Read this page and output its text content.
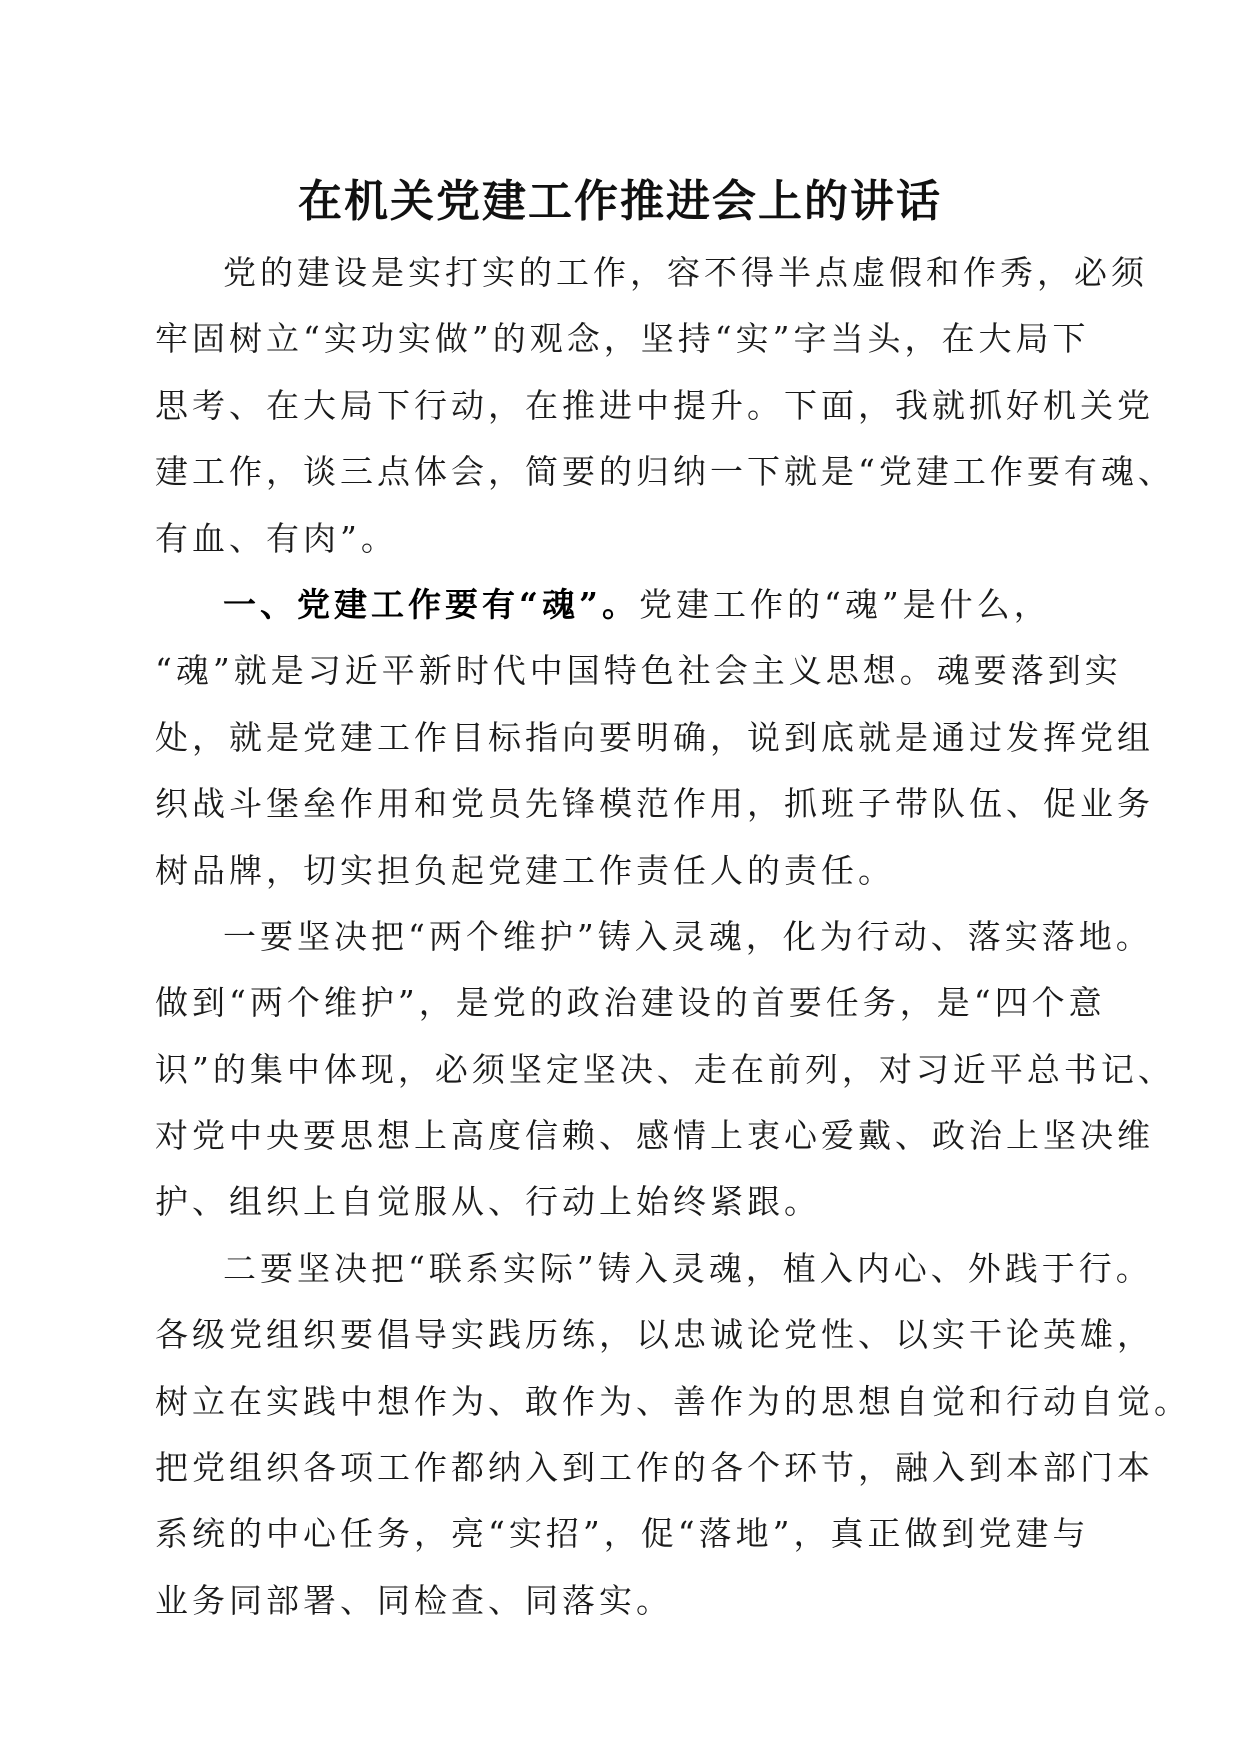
在机关党建工作推进会上的讲话
党的建设是实打实的工作，容不得半点虚假和作秀，必须
牢固树立“实功实做”的观念，坚持“实”字当头，在大局下
思考、在大局下行动，在推进中提升。下面，我就抓好机关党
建工作，谈三点体会，简要的归纳一下就是“党建工作要有魂、
有血、有肉”。
一、党建工作要有“魂”。党建工作的“魂”是什么，
“魂”就是习近平新时代中国特色社会主义思想。魂要落到实
处，就是党建工作目标指向要明确，说到底就是通过发挥党组
织战斗堡垒作用和党员先锋模范作用，抓班子带队伍、促业务
树品牌，切实担负起党建工作责任人的责任。
一要坚决把“两个维护”铸入灵魂，化为行动、落实落地。
做到“两个维护”，是党的政治建设的首要任务，是“四个意
识”的集中体现，必须坚定坚决、走在前列，对习近平总书记、
对党中央要思想上高度信赖、感情上衷心爱戴、政治上坚决维
护、组织上自觉服从、行动上始终紧跟。
二要坚决把“联系实际”铸入灵魂，植入内心、外践于行。
各级党组织要倡导实践历练，以忠诚论党性、以实干论英雄，
树立在实践中想作为、敢作为、善作为的思想自觉和行动自觉。
把党组织各项工作都纳入到工作的各个环节，融入到本部门本
系统的中心任务，亮“实招”，促“落地”，真正做到党建与
业务同部署、同检查、同落实。
